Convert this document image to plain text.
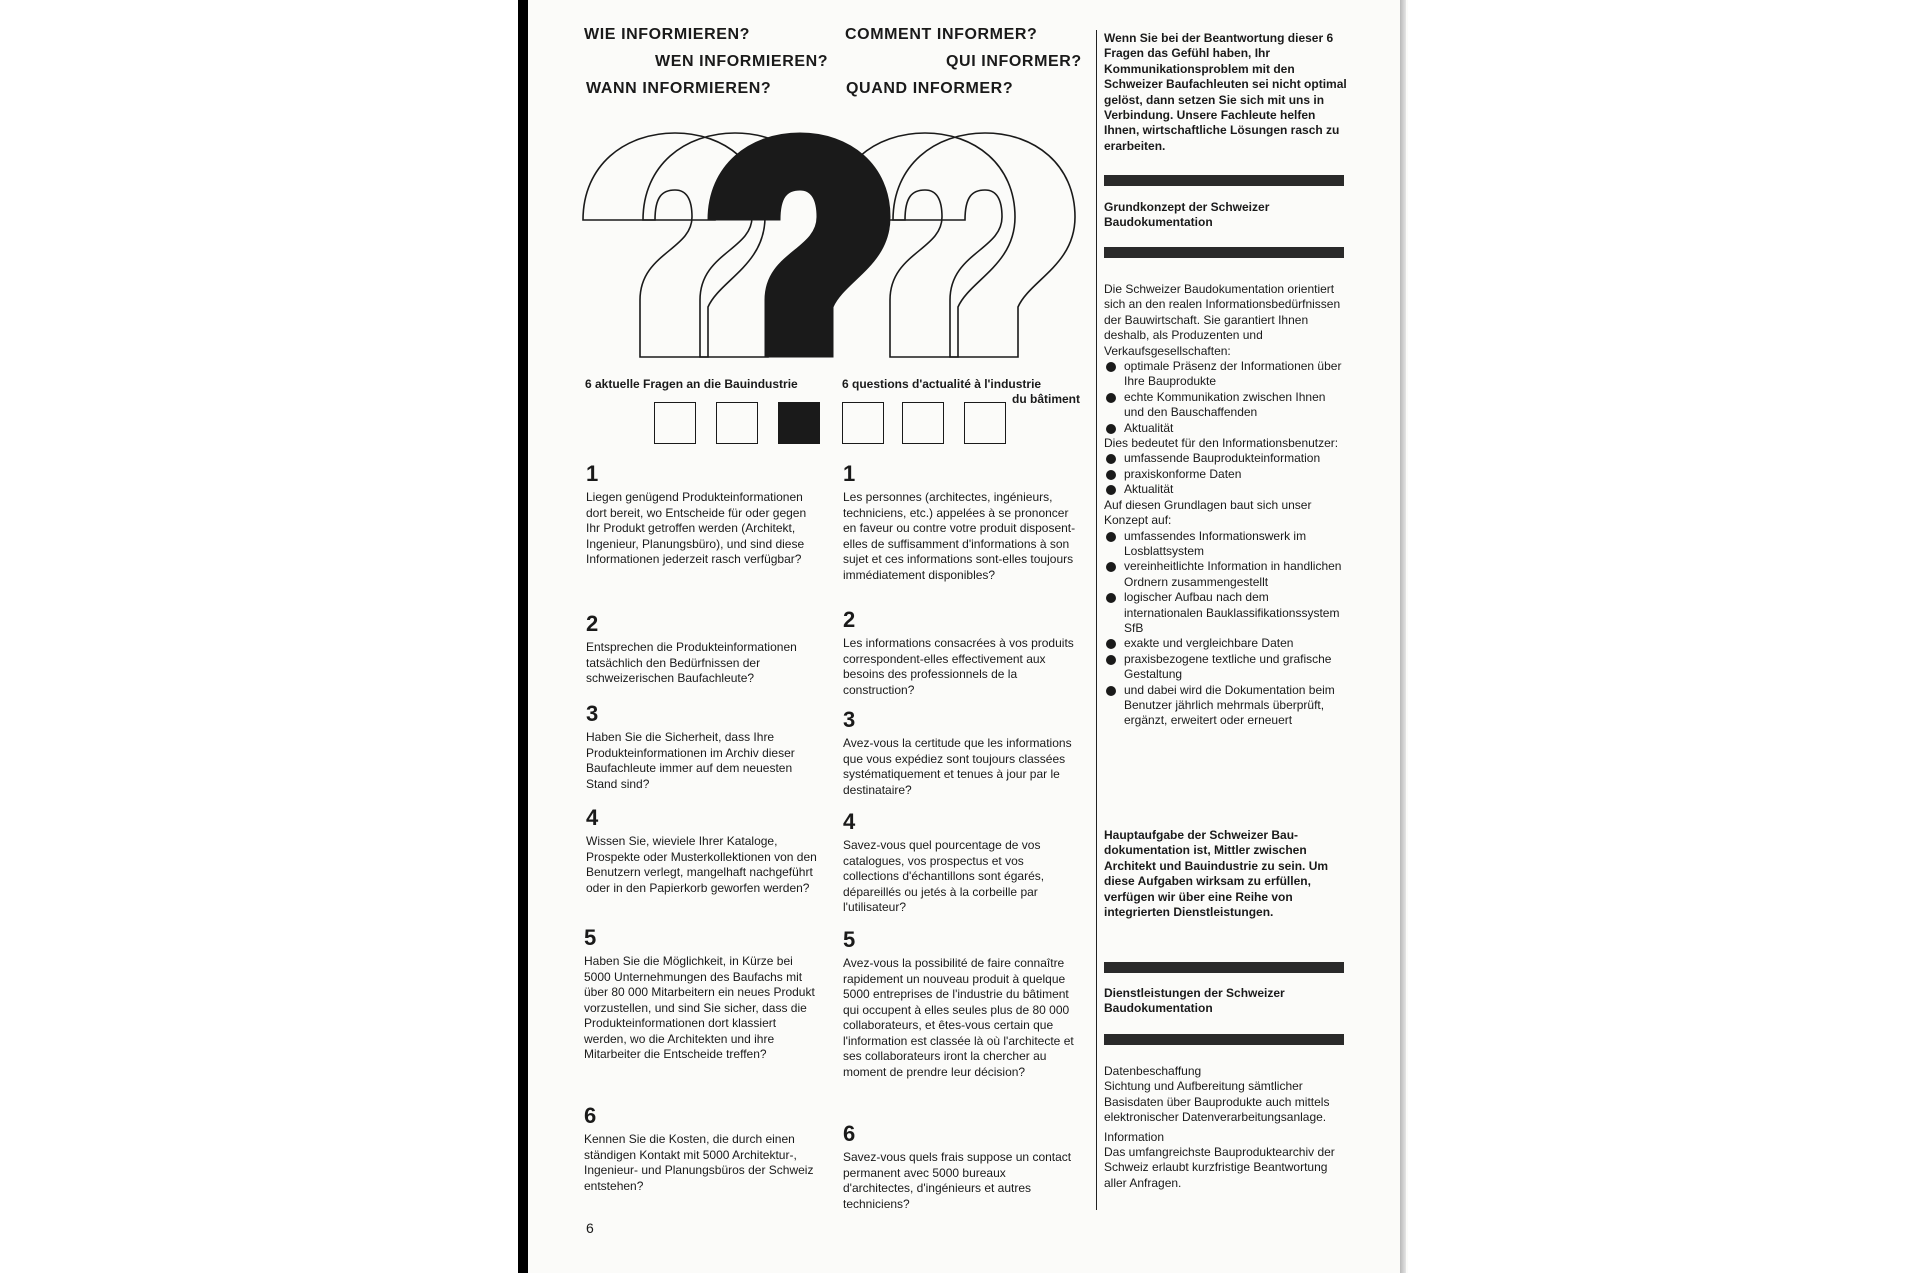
WIE INFORMIEREN?
WEN INFORMIEREN?
WANN INFORMIEREN?
COMMENT INFORMER?
QUI INFORMER?
QUAND INFORMER?
6 aktuelle Fragen an die Bauindustrie	6 questions d'actualité à l'industrie
du bâtiment
1
Liegen genügend Produkteinformationen dort bereit, wo Entscheide für oder gegen Ihr Produkt getroffen werden (Architekt, Ingenieur, Planungsbüro), und sind diese Informationen jederzeit rasch verfügbar?
2
Entsprechen die Produkteinformationen tatsächlich den Bedürfnissen der schweizerischen Baufachleute?
3
Haben Sie die Sicherheit, dass Ihre Produkteinformationen im Archiv dieser Baufachleute immer auf dem neuesten Stand sind?
4
Wissen Sie, wieviele Ihrer Kataloge, Prospekte oder Musterkollektionen von den Benutzern verlegt, mangelhaft nachgeführt oder in den Papierkorb geworfen werden?
5
Haben Sie die Möglichkeit, in Kürze bei 5000 Unternehmungen des Baufachs mit über 80 000 Mitarbeitern ein neues Produkt vorzustellen, und sind Sie sicher, dass die Produkteinformationen dort klassiert werden, wo die Architekten und ihre Mitarbeiter die Entscheide treffen?
6
Kennen Sie die Kosten, die durch einen ständigen Kontakt mit 5000 Architektur-, Ingenieur- und Planungsbüros der Schweiz entstehen?
1
Les personnes (architectes, ingénieurs, techniciens, etc.) appelées à se prononcer en faveur ou contre votre produit disposent-elles de suffisamment d'informations à son sujet et ces informations sont-elles toujours immédiatement disponibles?
2
Les informations consacrées à vos produits correspondent-elles effectivement aux besoins des professionnels de la construction?
3
Avez-vous la certitude que les informations que vous expédiez sont toujours classées systématiquement et tenues à jour par le destinataire?
4
Savez-vous quel pourcentage de vos catalogues, vos prospectus et vos collections d'échantillons sont égarés, dépareillés ou jetés à la corbeille par l'utilisateur?
5
Avez-vous la possibilité de faire connaître rapidement un nouveau produit à quelque 5000 entreprises de l'industrie du bâtiment qui occupent à elles seules plus de 80 000 collaborateurs, et êtes-vous certain que l'information est classée là où l'architecte et ses collaborateurs iront la chercher au moment de prendre leur décision?
6
Savez-vous quels frais suppose un contact permanent avec 5000 bureaux d'architectes, d'ingénieurs et autres techniciens?
6
Wenn Sie bei der Beantwortung dieser 6 Fragen das Gefühl haben, Ihr Kommunikationsproblem mit den Schweizer Baufachleuten sei nicht optimal gelöst, dann setzen Sie sich mit uns in Verbindung. Unsere Fachleute helfen Ihnen, wirtschaftliche Lösungen rasch zu erarbeiten.
Grundkonzept der Schweizer Baudokumentation
Die Schweizer Baudokumentation orientiert sich an den realen Informationsbedürfnissen der Bauwirtschaft. Sie garantiert Ihnen deshalb, als Produzenten und Verkaufsgesellschaften:
optimale Präsenz der Informationen über Ihre Bauprodukte
echte Kommunikation zwischen Ihnen und den Bauschaffenden
Aktualität
Dies bedeutet für den Informationsbenutzer:
umfassende Bauprodukteinformation
praxiskonforme Daten
Aktualität
Auf diesen Grundlagen baut sich unser Konzept auf:
umfassendes Informationswerk im Losblattsystem
vereinheitlichte Information in handlichen Ordnern zusammengestellt
logischer Aufbau nach dem internationalen Bauklassifikationssystem SfB
exakte und vergleichbare Daten
praxisbezogene textliche und grafische Gestaltung
und dabei wird die Dokumentation beim Benutzer jährlich mehrmals überprüft, ergänzt, erweitert oder erneuert
Hauptaufgabe der Schweizer Baudokumentation ist, Mittler zwischen Architekt und Bauindustrie zu sein. Um diese Aufgaben wirksam zu erfüllen, verfügen wir über eine Reihe von integrierten Dienstleistungen.
Dienstleistungen der Schweizer Baudokumentation
Datenbeschaffung
Sichtung und Aufbereitung sämtlicher Basisdaten über Bauprodukte auch mittels elektronischer Datenverarbeitungsanlage.
Information
Das umfangreichste Bauproduktearchiv der Schweiz erlaubt kurzfristige Beantwortung aller Anfragen.
